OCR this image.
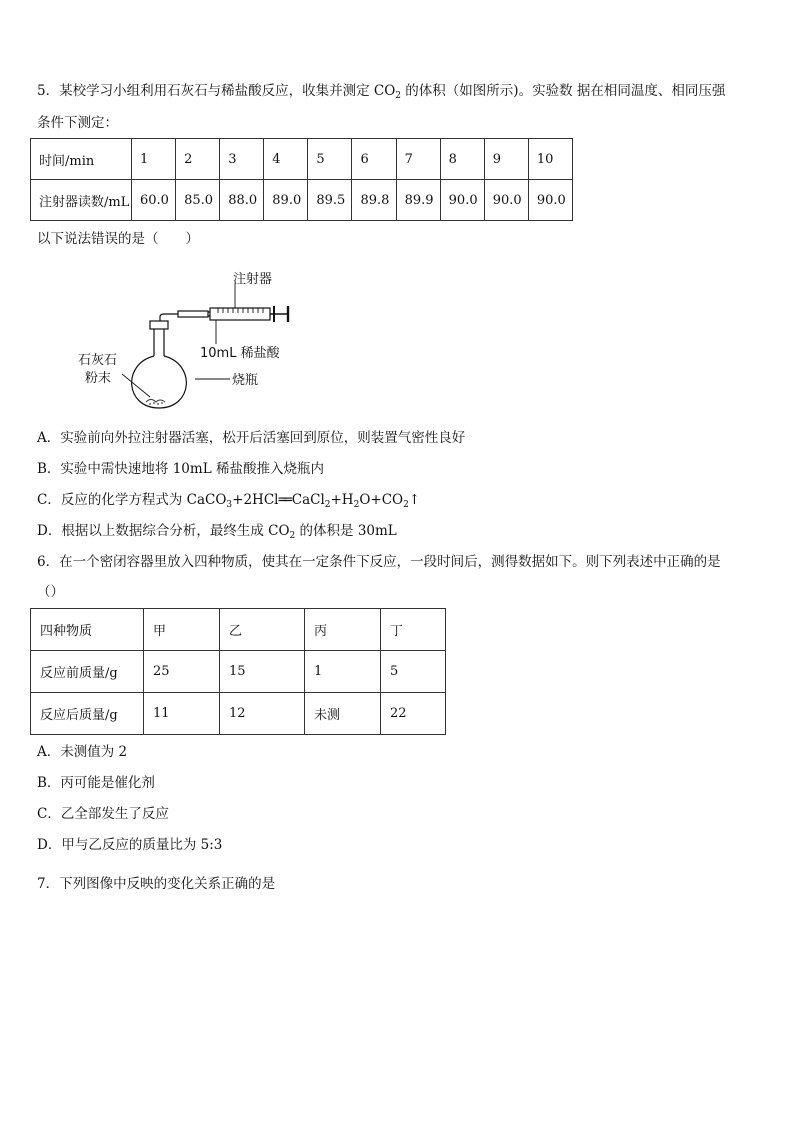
5．某校学习小组利用石灰石与稀盐酸反应，收集并测定 $CO_2$ 的体积（如图所示)。实验数 据在相同温度、相同压强
条件下测定：
时间/min	1	2	3	4	5	6	7	8	9	10
注射器读数/mL	60.0	85.0	88.0	89.0	89.5	89.8	89.9	90.0	90.0	90.0
以下说法错误的是（　　）
注射器
10mL 稀盐酸
石灰石
粉末	烧瓶
A．实验前向外拉注射器活塞，松开后活塞回到原位，则装置气密性良好
B．实验中需快速地将 10mL 稀盐酸推入烧瓶内
C．反应的化学方程式为 CaCO$_3$+2HCl══ $CaCl_2+H_2O+CO_2↑$
D．根据以上数据综合分析，最终生成 $CO_2$ 的体积是 30mL
6．在一个密闭容器里放入四种物质，使其在一定条件下反应，一段时间后，测得数据如下。则下列表述中正确的是
（）
四种物质	甲	乙	丙	丁
反应前质量/g	25	15	1	5
反应后质量/g	11	12	未测	22
A．未测值为 2
B．丙可能是催化剂
C．乙全部发生了反应
D．甲与乙反应的质量比为 5:3
7．下列图像中反映的变化关系正确的是
